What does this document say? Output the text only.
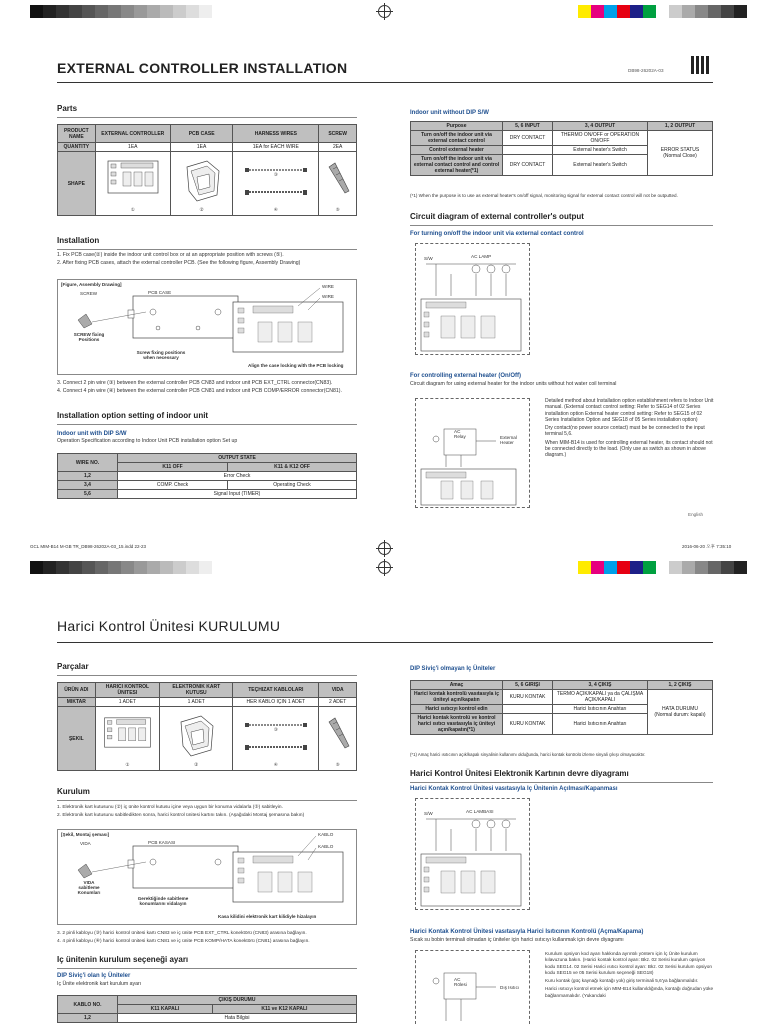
EXTERNAL CONTROLLER INSTALLATION	DB98-26202A-03
Parts
PRODUCT NAME	EXTERNAL CONTROLLER	PCB CASE	HARNESS WIRES	SCREW
QUANTITY	1EA	1EA	1EA for EACH WIRE	2EA
SHAPE	①	②	③
④	⑤
Installation
1. Fix PCB case(②) inside the indoor unit control box or at an appropriate position with screws (⑤).
2. After fixing PCB cases, attach the external controller PCB. (See the following figure, Assembly Drawing)
[Figure, Assembly Drawing]
SCREW	PCB CASE
WIRE
WIRE
SCREW fixing
Positions
Screw fixing positions
when necessary
Align the case locking with the PCB locking
3. Connect 2 pin wire (③) between the external controller PCB CN83 and indoor unit PCB EXT_CTRL connector(CN83).
4. Connect 4 pin wire (④) between the external controller PCB CN81 and indoor unit PCB COMP/ERROR connector(CN81).
Installation option setting of indoor unit
Indoor unit with DIP S/W
Operation Specification according to Indoor Unit PCB installation option Set up
WIRE NO.	OUTPUT STATE	
	K11 OFF	K11 & K12 OFF
1,2	Error Check	
3,4	COMP. Check	Operating Check
5,6	Signal Input (TIMER)	
Indoor unit without DIP S/W
Purpose	5, 6 INPUT	3, 4 OUTPUT	1, 2 OUTPUT
Turn on/off the indoor unit via external contact control	DRY CONTACT	THERMO ON/OFF or OPERATION ON/OFF	ERROR STATUS
(Normal Close)
Control external heater		External heater's Switch	
Turn on/off the indoor unit via external contact control and control external heater(*1)	DRY CONTACT	External heater's Switch	
(*1) When the purpose is to use as external heater's on/off signal, monitoring signal for external contact control will not be outputted.
Circuit diagram of external controller's output
For turning on/off the indoor unit via external contact control
S/W	AC LAMP
For controlling external heater (On/Off)
Circuit diagram for using external heater for the indoor units without hot water coil terminal
AC
Relay	External
Heater
Detailed method about Installation option establishment refers to Indoor Unit manual. (External contact control setting: Refer to SEG14 of 02 Series installation option External heater control setting: Refer to SEG15 of 02 Series Installation Option and SEG18 of 05 Series installation option)
Dry contact(no power source contact) must be be connected to the input terminal 5,6.
When MIM-B14 is used for controlling external heater, its contact should not be connected directly to the load. (Only use as switch as shown in above diagram.)
English
GCL MIM-B14 M-GB TR_DB98-26202A-03_15.indd 22-23	2016-06-20 오후 7:35:10
Harici Kontrol Ünitesi KURULUMU
Parçalar
ÜRÜN ADI	HARICI KONTROL ÜNITESI	ELEKTRONIK KART KUTUSU	TEÇHIZAT KABLOLARI	VIDA
MIKTAR	1 ADET	1 ADET	HER KABLO IÇIN 1 ADET	2 ADET
ŞEKIL	①	②	③
④	⑤
Kurulum
1. Elektronik kart kutusunu (②) iç ünite kontrol kutusu içine veya uygun bir konuma vidalarla (⑤) sabitleyin.
2. Elektronik kart kutusunu sabitledikten sonra, harici kontrol ünitesi kartını takın. (Aşağıdaki Montaj şemasına bakın)
[Şekil, Montaj şeması]
VIDA	PCB KASASI
KABLO
KABLO
VIDA
sabitleme
Konumları
Gerektiğinde sabitleme
konumlarını vidalayın
Kasa kilidini elektronik kart kilidiyle hizalayın
3. 2 pinli kabloyu (③) harici kontrol ünitesi kartı CN83 ve iç ünite PCB EXT_CTRL konektörü (CN83) arasına bağlayın.
4. 4 pinli kabloyu (④) harici kontrol ünitesi kartı CN81 ve iç ünite PCB KOMP/HATA konektörü (CN81) arasına bağlayın.
Iç ünitenin kurulum seçeneği ayarı
DIP Siviç'i olan Iç Üniteler
Iç Ünite elektronik kart kurulum ayarı
KABLO NO.	ÇIKIŞ DURUMU	
	K11 KAPALI	K11 ve K12 KAPALI
1,2	Hata Bilgisi	
DIP Siviç'i olmayan Iç Üniteler
Amaç	5, 6 GIRIŞI	3, 4 ÇIKIŞ	1, 2 ÇIKIŞ
Harici kontak kontrolü vasıtasıyla iç üniteyi açın/kapatın	KURU KONTAK	TERMO AÇIK/KAPALI ya da ÇALIŞMA AÇIK/KAPALI	HATA DURUMU
(Normal durum: kapalı)
Harici ısıtıcıyı kontrol edin		Harici Isıtıcının Anahtarı	
Harici kontak kontrolü ve kontrol harici ısıtıcı vasıtasıyla iç üniteyi açın/kapatın(*1)	KURU KONTAK	Harici Isıtıcının Anahtarı	
(*1) Amaç harici ısıtıcının açık/kapalı sinyalinin kullanımı olduğunda, harici kontak kontrolü izleme sinyali çıkışı olmayacaktır.
Harici Kontrol Ünitesi Elektronik Kartının devre diyagramı
Harici Kontak Kontrol Ünitesi vasıtasıyla Iç Ünitenin Açılması/Kapanması
S/W	AC LAMBASI
Harici Kontak Kontrol Ünitesi vasıtasıyla Harici Isıtıcının Kontrolü (Açma/Kapama)
Sıcak su bobin terminali olmadan iç üniteler için harici ısıtıcıyı kullanmak için devre diyagramı
AC
Rölesi
Dış Isıtıcı
Kurulum opsiyon kod ayarı hakkında ayrıntılı yöntem için İç Ünite kurulum kılavuzuna bakın. (Harici kontak kontrol ayarı: Bkz. 02 Serisi kurulum opsiyon kodu SEG14. 02 Serisi Harici ısıtıcı kontrol ayarı: Bkz. 02 Serisi kurulum opsiyon kodu SEG15 ve 05 Serisi kurulum seçeneği SEG18)
Kuru kontak (güç kaynağı kontağı yok) giriş terminali 5,6'ya bağlanmalıdır.
Harici ısıtıcıyı kontrol etmek için MIM-B14 kullanıldığında, kontağı doğrudan yüke bağlanmamalıdır. (Yukarıdaki
